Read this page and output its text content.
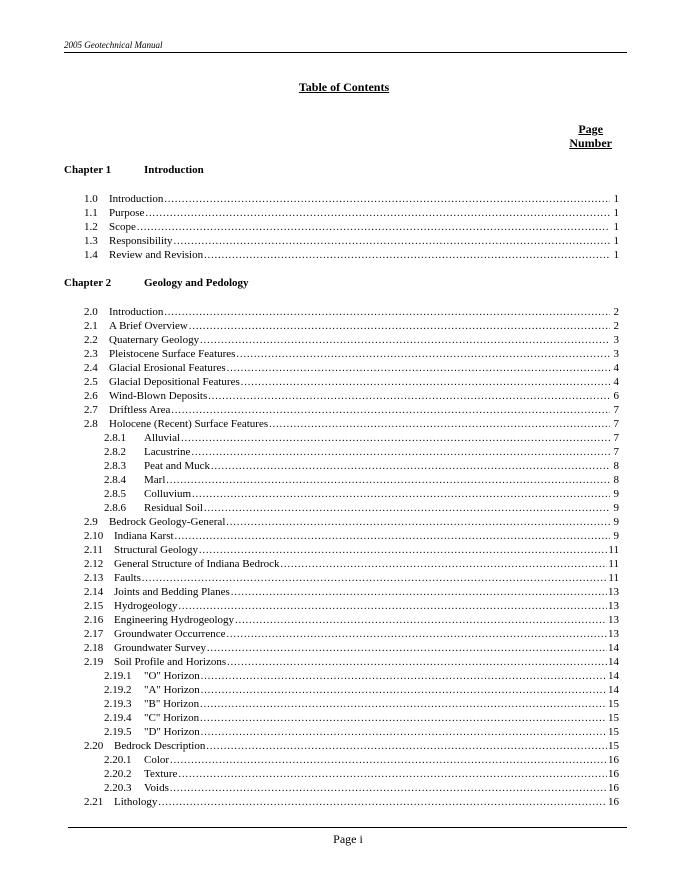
2005 Geotechnical Manual
Table of Contents
Page
Number
Chapter 1	Introduction
Chapter 2	Geology and Pedology
1.0	Introduction .....	1
1.1	Purpose .....	1
1.2	Scope .....	1
1.3	Responsibility .....	1
1.4	Review and Revision .....	1
2.0	Introduction .....	2
2.1	A Brief Overview .....	2
2.2	Quaternary Geology .....	3
2.3	Pleistocene Surface Features .....	3
2.4	Glacial Erosional Features .....	4
2.5	Glacial Depositional Features .....	4
2.6	Wind-Blown Deposits .....	6
2.7	Driftless Area .....	7
2.8	Holocene (Recent) Surface Features .....	7
2.8.1	Alluvial .....	7
2.8.2	Lacustrine .....	7
2.8.3	Peat and Muck .....	8
2.8.4	Marl .....	8
2.8.5	Colluvium .....	9
2.8.6	Residual Soil .....	9
2.9	Bedrock Geology-General .....	9
2.10 Indiana Karst .....	9
2.11	Structural Geology .....	11
2.12 General Structure of Indiana Bedrock .....	11
2.13 Faults .....	11
2.14 Joints and Bedding Planes .....	13
2.15 Hydrogeology .....	13
2.16 Engineering Hydrogeology .....	13
2.17 Groundwater Occurrence .....	13
2.18 Groundwater Survey .....	14
2.19 Soil Profile and Horizons .....	14
2.19.1	"O" Horizon .....	14
2.19.2	"A" Horizon .....	14
2.19.3	"B" Horizon .....	15
2.19.4	"C" Horizon .....	15
2.19.5	"D" Horizon .....	15
2.20 Bedrock Description .....	15
2.20.1	Color .....	16
2.20.2	Texture .....	16
2.20.3	Voids .....	16
2.21 Lithology .....	16
Page i
